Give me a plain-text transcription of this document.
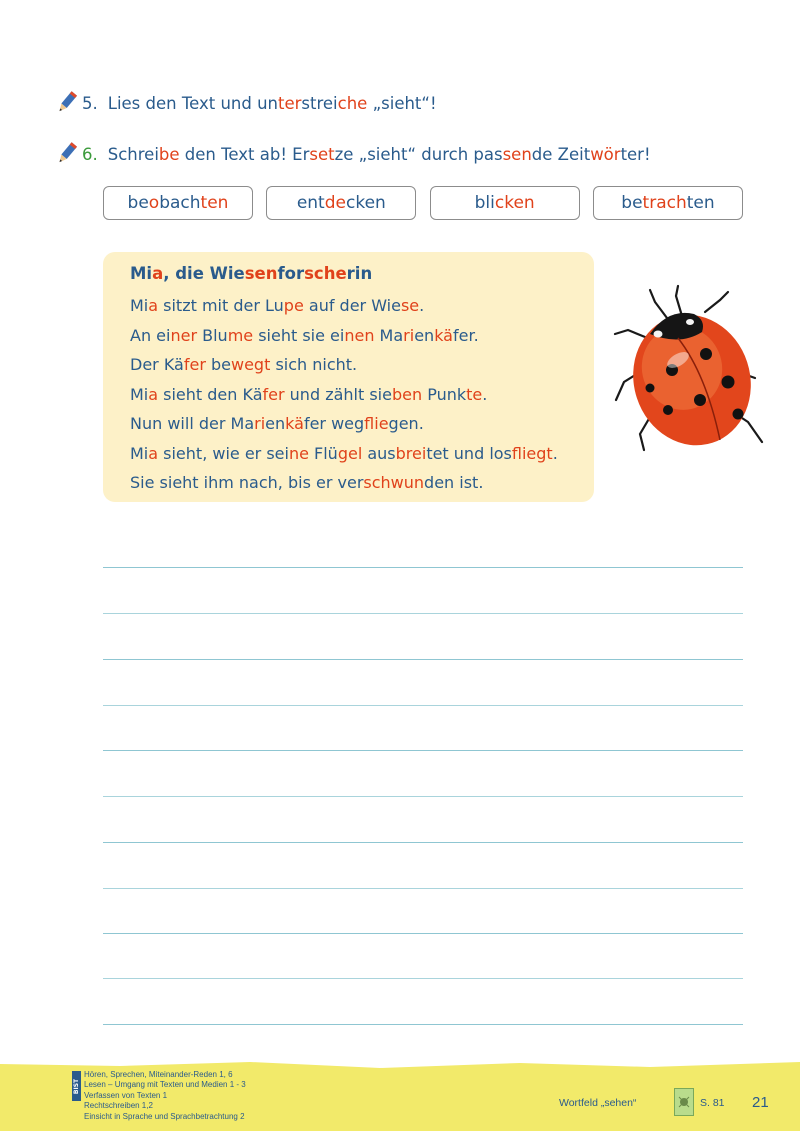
5. Lies den Text und unterstreiche „sieht“!
6. Schreibe den Text ab! Ersetze „sieht“ durch passende Zeitwörter!
beobachten	entdecken	blicken	betrachten
Mia, die Wiesenforscherin
Mia sitzt mit der Lupe auf der Wiese.
An einer Blume sieht sie einen Marienkäfer.
Der Käfer bewegt sich nicht.
Mia sieht den Käfer und zählt sieben Punkte.
Nun will der Marienkäfer wegfliegen.
Mia sieht, wie er seine Flügel ausbreitet und losfliegt.
Sie sieht ihm nach, bis er verschwunden ist.
BIST
Hören, Sprechen, Miteinander-Reden 1, 6
Lesen – Umgang mit Texten und Medien 1 - 3
Verfassen von Texten 1
Rechtschreiben 1,2
Einsicht in Sprache und Sprachbetrachtung 2
Wortfeld „sehen“	S. 81 21
